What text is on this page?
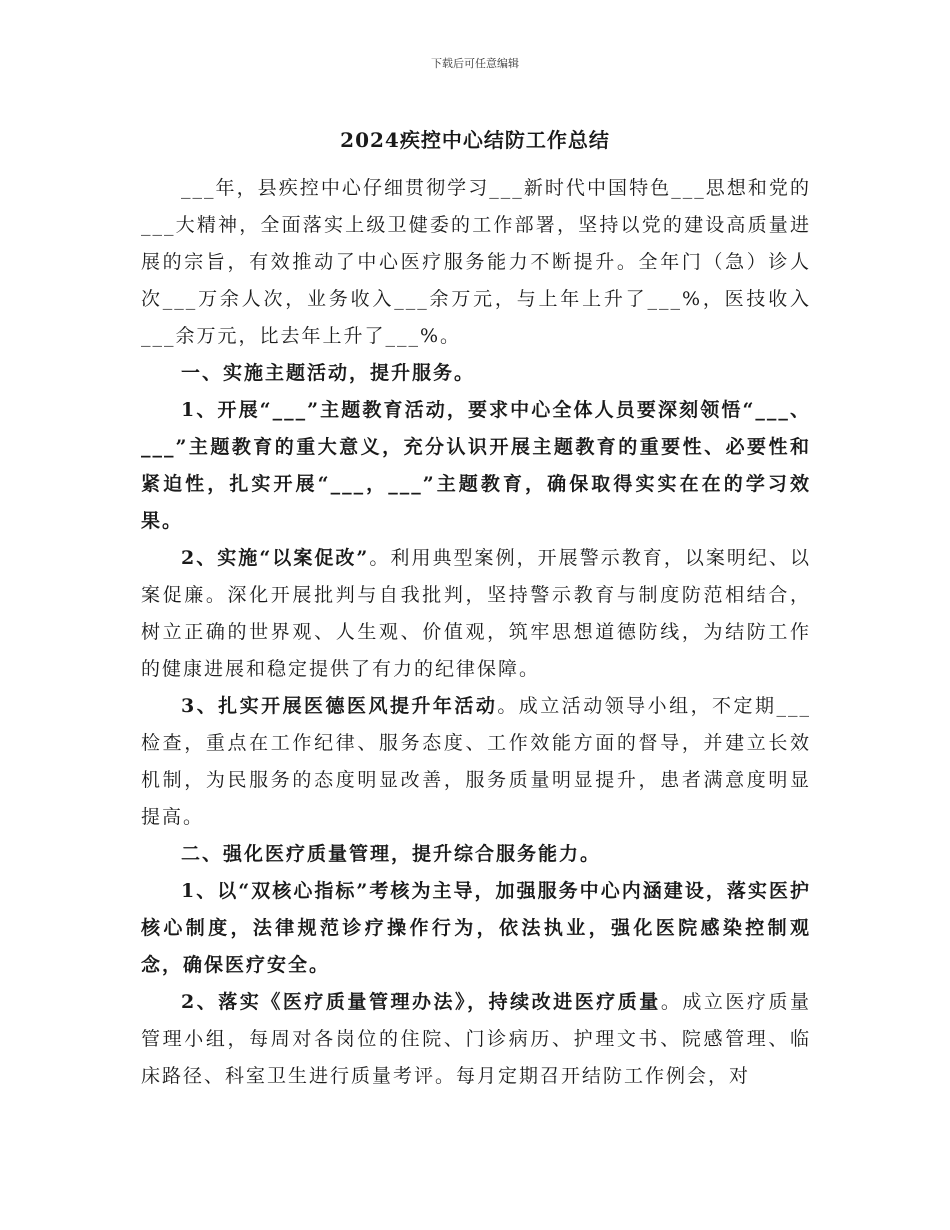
下载后可任意编辑
2024疾控中心结防工作总结

___年，县疾控中心仔细贯彻学习___新时代中国特色___思想和党的___大精神，全面落实上级卫健委的工作部署，坚持以党的建设高质量进展的宗旨，有效推动了中心医疗服务能力不断提升。全年门（急）诊人次___万余人次，业务收入___余万元，与上年上升了___%，医技收入___余万元，比去年上升了___%。

一、实施主题活动，提升服务。

1、开展“___”主题教育活动，要求中心全体人员要深刻领悟“___、___”主题教育的重大意义，充分认识开展主题教育的重要性、必要性和紧迫性，扎实开展“___，___”主题教育，确保取得实实在在的学习效果。

2、实施“以案促改”。利用典型案例，开展警示教育，以案明纪、以案促廉。深化开展批判与自我批判，坚持警示教育与制度防范相结合，树立正确的世界观、人生观、价值观，筑牢思想道德防线，为结防工作的健康进展和稳定提供了有力的纪律保障。

3、扎实开展医德医风提升年活动。成立活动领导小组，不定期___检查，重点在工作纪律、服务态度、工作效能方面的督导，并建立长效机制，为民服务的态度明显改善，服务质量明显提升，患者满意度明显提高。

二、强化医疗质量管理，提升综合服务能力。

1、以“双核心指标”考核为主导，加强服务中心内涵建设，落实医护核心制度，法律规范诊疗操作行为，依法执业，强化医院感染控制观念，确保医疗安全。

2、落实《医疗质量管理办法》，持续改进医疗质量。成立医疗质量管理小组，每周对各岗位的住院、门诊病历、护理文书、院感管理、临床路径、科室卫生进行质量考评。每月定期召开结防工作例会，对
